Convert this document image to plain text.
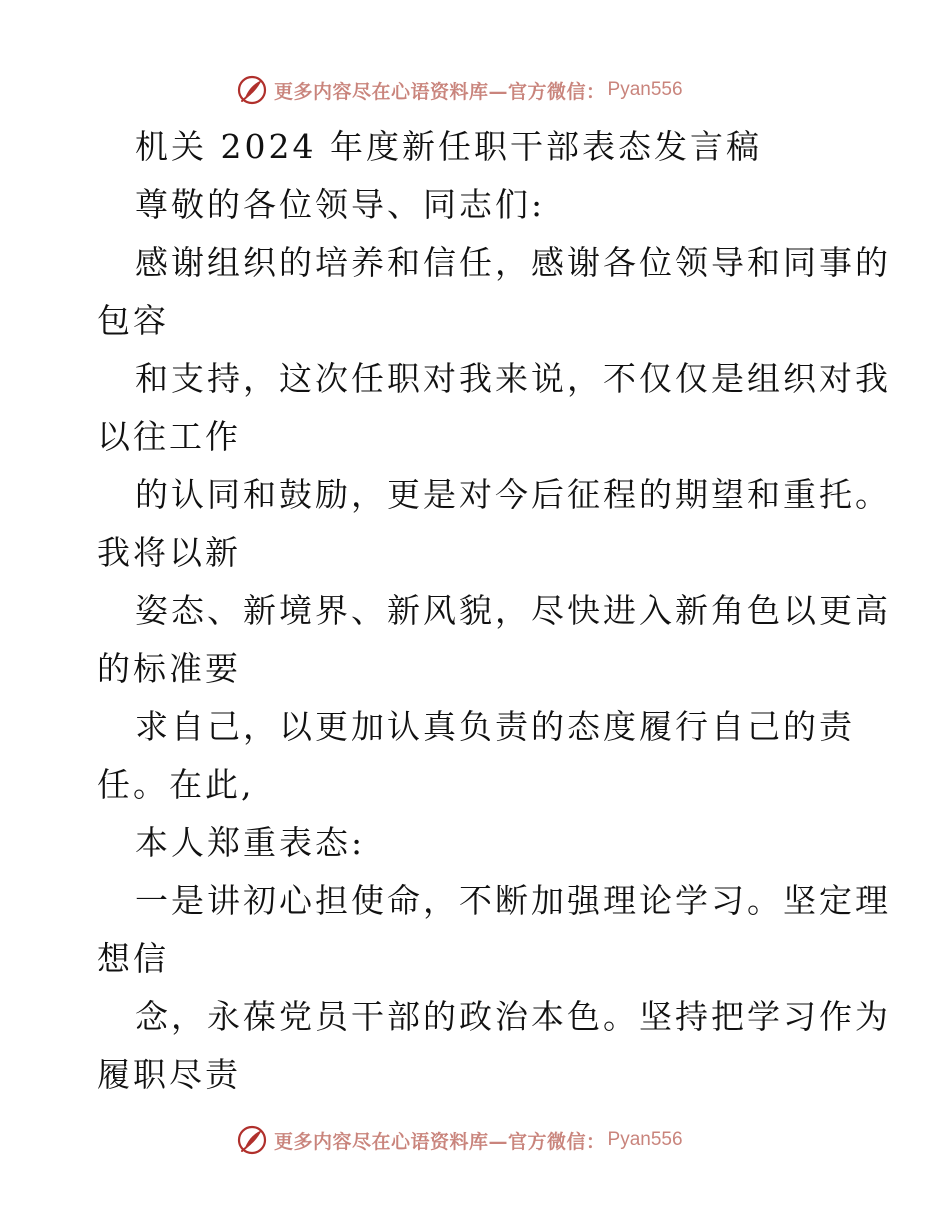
更多内容尽在心语资料库—官方微信： Pyan556
机关 2024 年度新任职干部表态发言稿
尊敬的各位领导、同志们:
感谢组织的培养和信任，感谢各位领导和同事的
包容
和支持，这次任职对我来说，不仅仅是组织对我
以往工作
的认同和鼓励，更是对今后征程的期望和重托。
我将以新
姿态、新境界、新风貌，尽快进入新角色以更高
的标准要
求自己，以更加认真负责的态度履行自己的责
任。在此,
本人郑重表态:
一是讲初心担使命，不断加强理论学习。坚定理
想信
念，永葆党员干部的政治本色。坚持把学习作为
履职尽责
更多内容尽在心语资料库—官方微信： Pyan556
